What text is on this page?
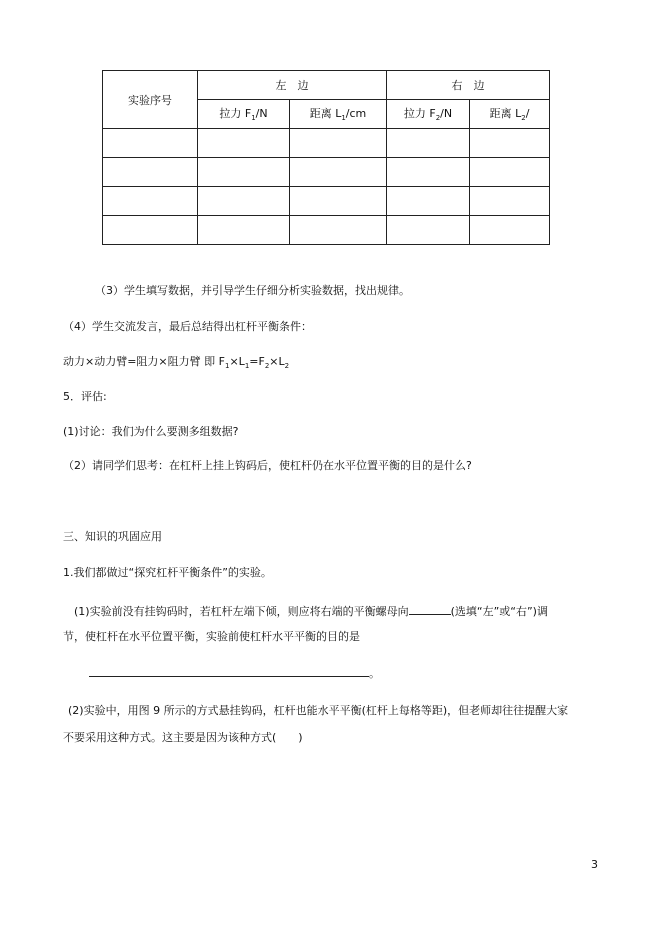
实验序号	左　边		右　边	
	拉力 $F_1/N$	距离 $L_1/cm$	拉力 $F_2/N$	距离 $L_2/$

（3）学生填写数据，并引导学生仔细分析实验数据，找出规律。
（4）学生交流发言，最后总结得出杠杆平衡条件：
动力×动力臂=阻力×阻力臂 即 $F_1\times L_1=F_2\times L_2$
5．评估:
(1)讨论：我们为什么要测多组数据?
（2）请同学们思考：在杠杆上挂上钩码后，使杠杆仍在水平位置平衡的目的是什么?
三、知识的巩固应用
1.我们都做过“探究杠杆平衡条件”的实验。
(1)实验前没有挂钩码时，若杠杆左端下倾，则应将右端的平衡螺母向	(选填“左”或“右”)调
节，使杠杆在水平位置平衡，实验前使杠杆水平平衡的目的是
。
(2)实验中，用图 9 所示的方式悬挂钩码，杠杆也能水平平衡(杠杆上每格等距)，但老师却往往提醒大家
不要采用这种方式。这主要是因为该种方式(　　)
3
